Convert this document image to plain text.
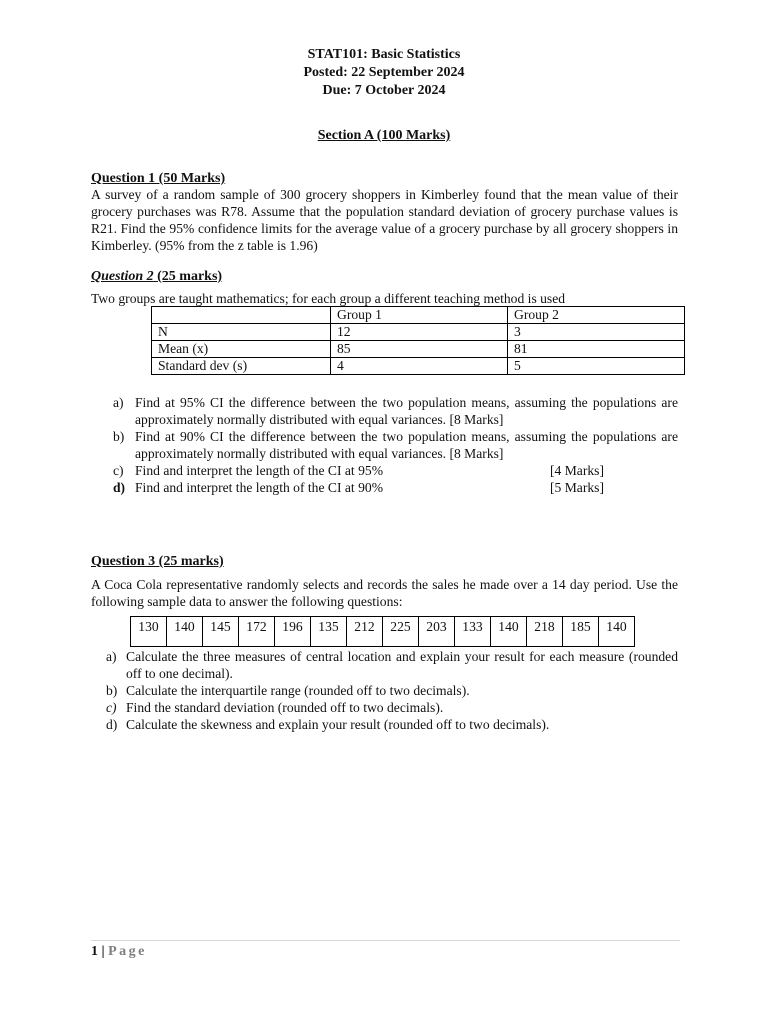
STAT101: Basic Statistics
Posted: 22 September 2024
Due: 7 October 2024
Section A (100 Marks)
Question 1 (50 Marks)
A survey of a random sample of 300 grocery shoppers in Kimberley found that the mean value of their grocery purchases was R78. Assume that the population standard deviation of grocery purchase values is R21. Find the 95% confidence limits for the average value of a grocery purchase by all grocery shoppers in Kimberley. (95% from the z table is 1.96)
Question 2 (25 marks)
Two groups are taught mathematics; for each group a different teaching method is used
	Group 1	Group 2
N	12	3
Mean (x)	85	81
Standard dev (s)	4	5
a) Find at 95% CI the difference between the two population means, assuming the populations are approximately normally distributed with equal variances. [8 Marks]
b) Find at 90% CI the difference between the two population means, assuming the populations are approximately normally distributed with equal variances. [8 Marks]
c) Find and interpret the length of the CI at 95%	[4 Marks]
d) Find and interpret the length of the CI at 90%	[5 Marks]
Question 3 (25 marks)
A Coca Cola representative randomly selects and records the sales he made over a 14 day period. Use the following sample data to answer the following questions:
130	140	145	172	196	135	212	225	203	133	140	218	185	140
a) Calculate the three measures of central location and explain your result for each measure (rounded off to one decimal).
b) Calculate the interquartile range (rounded off to two decimals).
c) Find the standard deviation (rounded off to two decimals).
d) Calculate the skewness and explain your result (rounded off to two decimals).
1 | Page
